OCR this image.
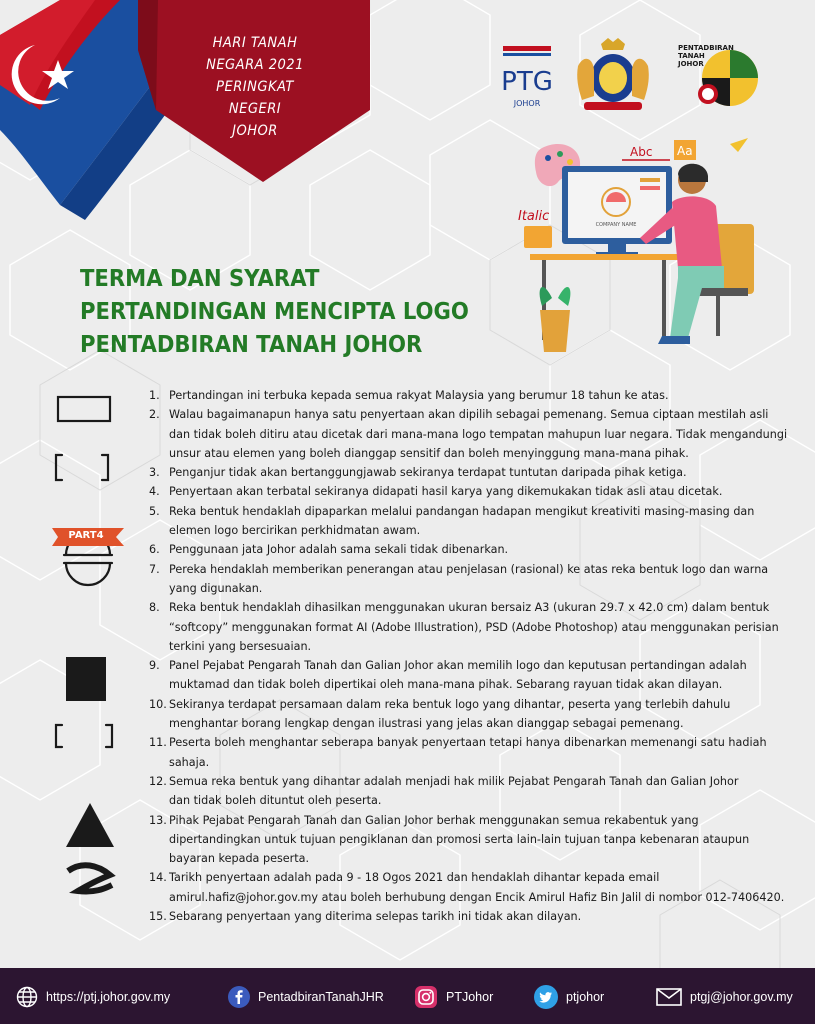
HARI TANAH
NEGARA 2021
PERINGKAT
NEGERI
JOHOR
PTG
JOHOR
PENTADBIRAN
TANAH
JOHOR
Abc Aa
Italic
COMPANY NAME
TERMA DAN SYARAT
PERTANDINGAN MENCIPTA LOGO
PENTADBIRAN TANAH JOHOR
PART4
1. Pertandingan ini terbuka kepada semua rakyat Malaysia yang berumur 18 tahun ke atas.
2. Walau bagaimanapun hanya satu penyertaan akan dipilih sebagai pemenang. Semua ciptaan mestilah asli
dan tidak boleh ditiru atau dicetak dari mana-mana logo tempatan mahupun luar negara. Tidak mengandungi
unsur atau elemen yang boleh dianggap sensitif dan boleh menyinggung mana-mana pihak.
3. Penganjur tidak akan bertanggungjawab sekiranya terdapat tuntutan daripada pihak ketiga.
4. Penyertaan akan terbatal sekiranya didapati hasil karya yang dikemukakan tidak asli atau dicetak.
5. Reka bentuk hendaklah dipaparkan melalui pandangan hadapan mengikut kreativiti masing-masing dan
elemen logo bercirikan perkhidmatan awam.
6. Penggunaan jata Johor adalah sama sekali tidak dibenarkan.
7. Pereka hendaklah memberikan penerangan atau penjelasan (rasional) ke atas reka bentuk logo dan warna
yang digunakan.
8. Reka bentuk hendaklah dihasilkan menggunakan ukuran bersaiz A3 (ukuran 29.7 x 42.0 cm) dalam bentuk
“softcopy” menggunakan format AI (Adobe Illustration), PSD (Adobe Photoshop) atau menggunakan perisian
terkini yang bersesuaian.
9. Panel Pejabat Pengarah Tanah dan Galian Johor akan memilih logo dan keputusan pertandingan adalah
muktamad dan tidak boleh dipertikai oleh mana-mana pihak. Sebarang rayuan tidak akan dilayan.
10. Sekiranya terdapat persamaan dalam reka bentuk logo yang dihantar, peserta yang terlebih dahulu
menghantar borang lengkap dengan ilustrasi yang jelas akan dianggap sebagai pemenang.
11. Peserta boleh menghantar seberapa banyak penyertaan tetapi hanya dibenarkan memenangi satu hadiah sahaja.
12. Semua reka bentuk yang dihantar adalah menjadi hak milik Pejabat Pengarah Tanah dan Galian Johor
dan tidak boleh dituntut oleh peserta.
13. Pihak Pejabat Pengarah Tanah dan Galian Johor berhak menggunakan semua rekabentuk yang
dipertandingkan untuk tujuan pengiklanan dan promosi serta lain-lain tujuan tanpa kebenaran ataupun
bayaran kepada peserta.
14. Tarikh penyertaan adalah pada 9 - 18 Ogos 2021 dan hendaklah dihantar kepada email
amirul.hafiz@johor.gov.my atau boleh berhubung dengan Encik Amirul Hafiz Bin Jalil di nombor 012-7406420.
15. Sebarang penyertaan yang diterima selepas tarikh ini tidak akan dilayan.
https://ptj.johor.gov.my	PentadbiranTanahJHR	PTJohor	ptjohor	ptgj@johor.gov.my
